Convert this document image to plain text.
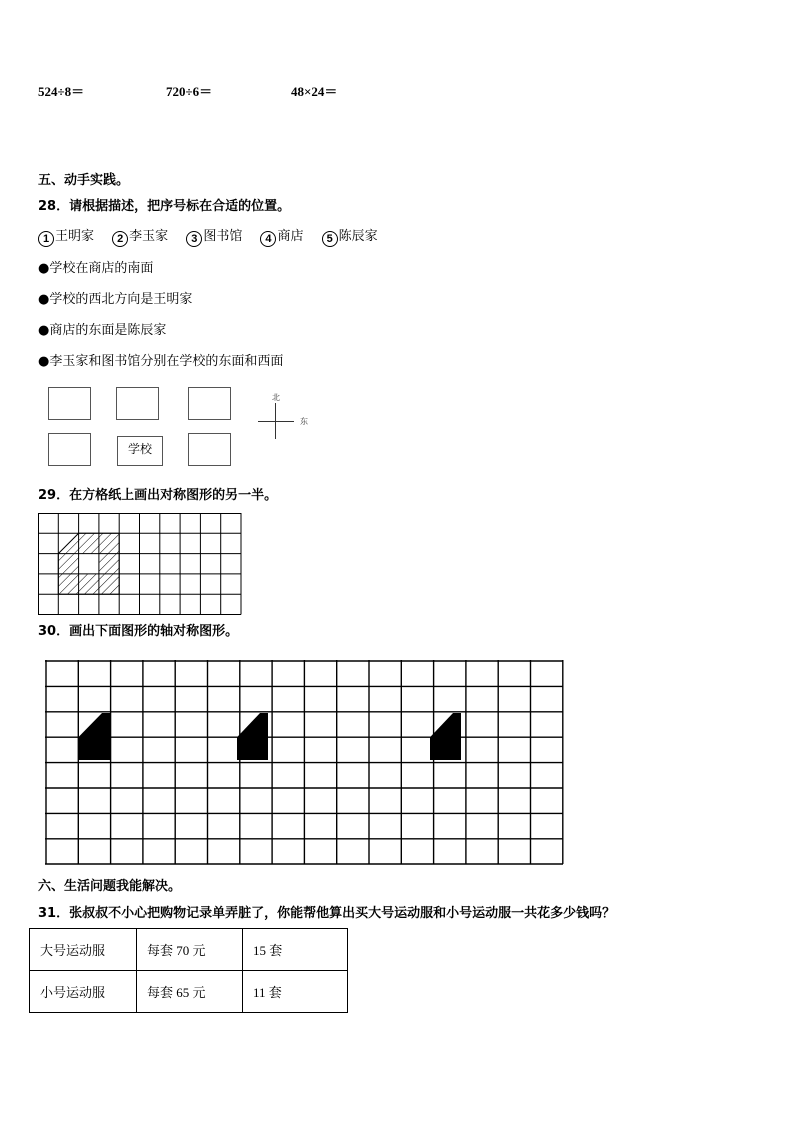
524÷8＝	720÷6＝	48×24＝
五、动手实践。
28．请根据描述，把序号标在合适的位置。
1 王明家 2 李玉家 3 图书馆 4 商店 5 陈辰家
●学校在商店的南面
●学校的西北方向是王明家
●商店的东面是陈辰家
●李玉家和图书馆分别在学校的东面和西面
学校
北
东
29．在方格纸上画出对称图形的另一半。
30．画出下面图形的轴对称图形。
六、生活问题我能解决。
31．张叔叔不小心把购物记录单弄脏了，你能帮他算出买大号运动服和小号运动服一共花多少钱吗？
大号运动服	每套 70 元	15 套
小号运动服	每套 65 元	11 套
